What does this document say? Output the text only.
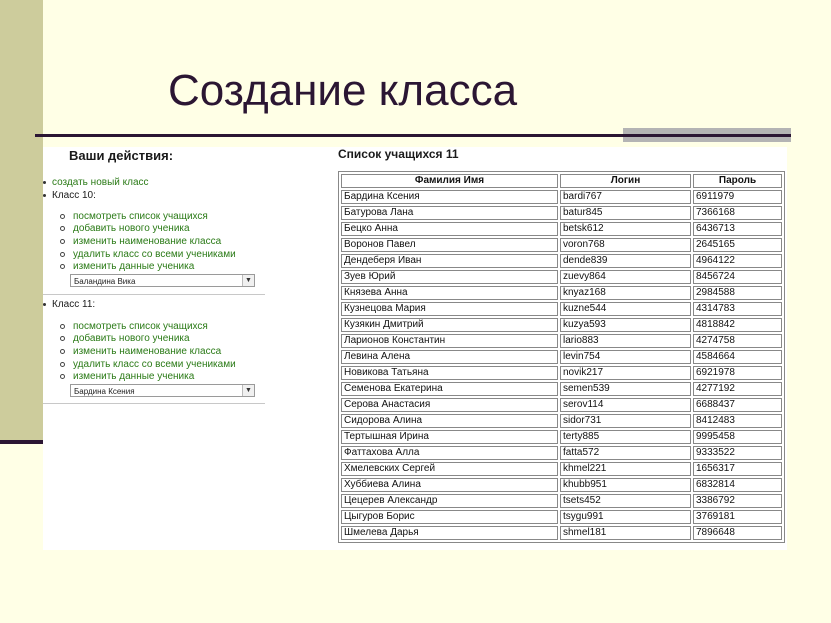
Создание класса
Ваши действия:
создать новый класс
Класс 10:
посмотреть список учащихся
добавить нового ученика
изменить наименование класса
удалить класс со всеми учениками
изменить данные ученика
Баландина Вика	▼
Класс 11:
посмотреть список учащихся
добавить нового ученика
изменить наименование класса
удалить класс со всеми учениками
изменить данные ученика
Бардина Ксения	▼
Список учащихся 11
Фамилия Имя	Логин	Пароль
Бардина Ксения	bardi767	6911979
Батурова Лана	batur845	7366168
Бецко Анна	betsk612	6436713
Воронов Павел	voron768	2645165
Дендеберя Иван	dende839	4964122
Зуев Юрий	zuevy864	8456724
Князева Анна	knyaz168	2984588
Кузнецова Мария	kuzne544	4314783
Кузякин Дмитрий	kuzya593	4818842
Ларионов Константин	lario883	4274758
Левина Алена	levin754	4584664
Новикова Татьяна	novik217	6921978
Семенова Екатерина	semen539	4277192
Серова Анастасия	serov114	6688437
Сидорова Алина	sidor731	8412483
Тертышная Ирина	terty885	9995458
Фаттахова Алла	fatta572	9333522
Хмелевских Сергей	khmel221	1656317
Хуббиева Алина	khubb951	6832814
Цецерев Александр	tsets452	3386792
Цыгуров Борис	tsygu991	3769181
Шмелева Дарья	shmel181	7896648
